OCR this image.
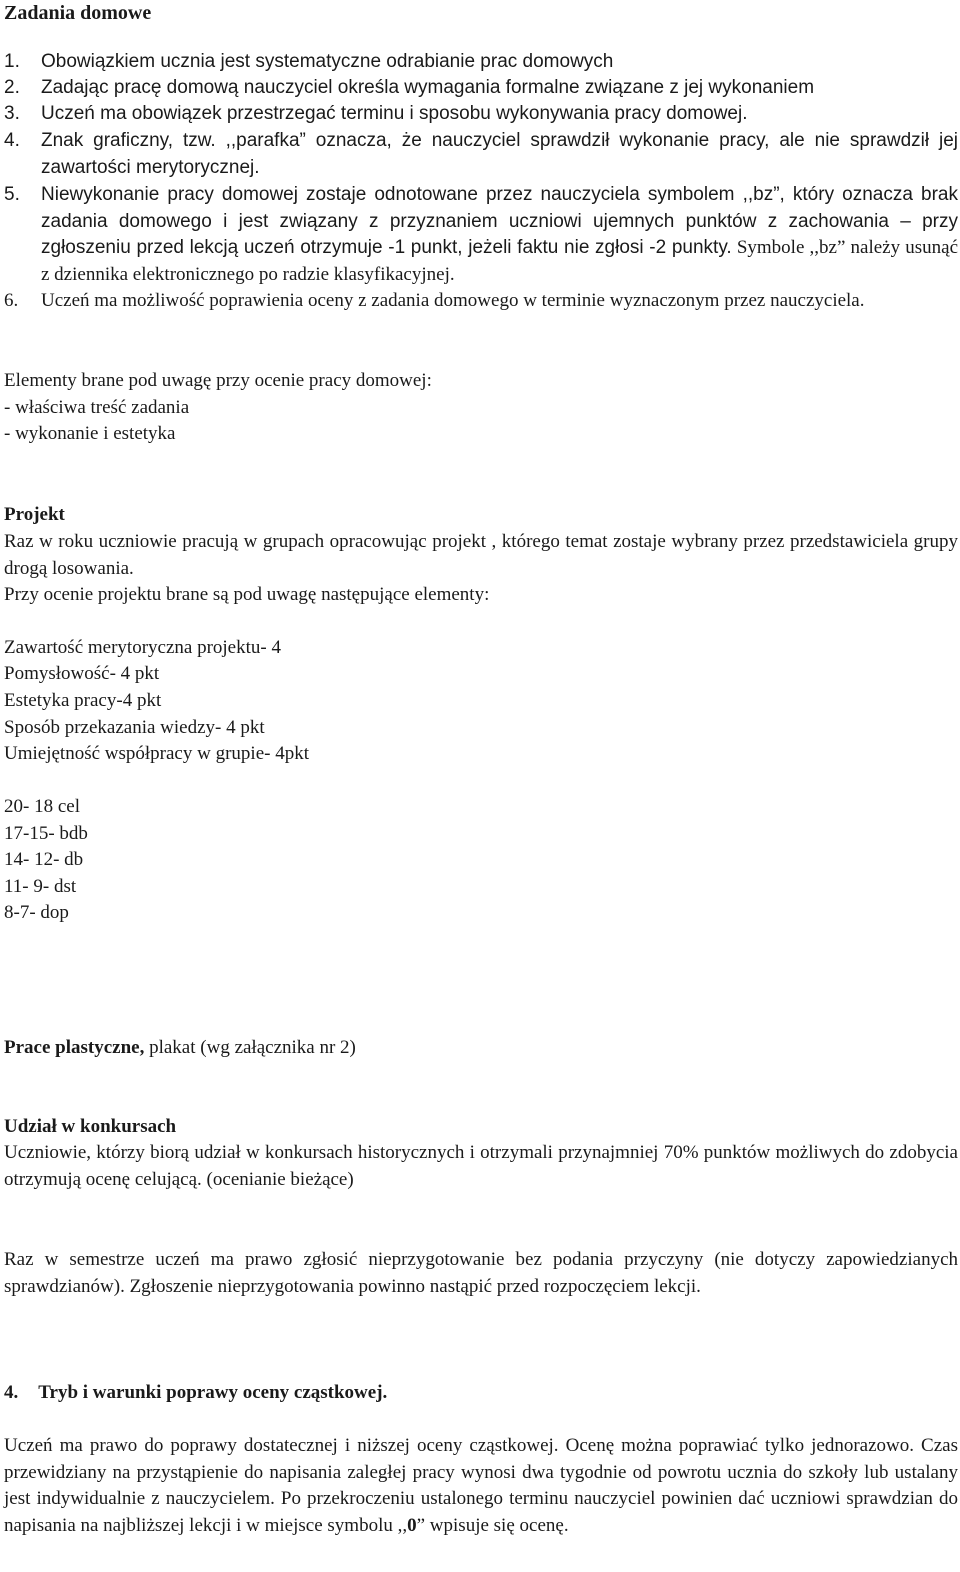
Zadania domowe
1. Obowiązkiem ucznia jest systematyczne odrabianie prac domowych
2. Zadając pracę domową nauczyciel określa wymagania formalne związane z jej wykonaniem
3. Uczeń ma obowiązek przestrzegać terminu i sposobu wykonywania pracy domowej.
4. Znak graficzny, tzw. ,,parafka” oznacza, że nauczyciel sprawdził wykonanie pracy, ale nie sprawdził jej zawartości merytorycznej.
5. Niewykonanie pracy domowej zostaje odnotowane przez nauczyciela symbolem ,,bz”, który oznacza brak zadania domowego i jest związany z przyznaniem uczniowi ujemnych punktów z zachowania – przy zgłoszeniu przed lekcją uczeń otrzymuje -1 punkt, jeżeli faktu nie zgłosi -2 punkty. Symbole ,,bz” należy usunąć z dziennika elektronicznego po radzie klasyfikacyjnej.
6. Uczeń ma możliwość poprawienia oceny z zadania domowego w terminie wyznaczonym przez nauczyciela.
Elementy brane pod uwagę przy ocenie pracy domowej:
- właściwa treść zadania
- wykonanie i estetyka
Projekt
Raz w roku uczniowie pracują w grupach opracowując projekt , którego temat zostaje wybrany przez przedstawiciela grupy drogą losowania.
Przy ocenie projektu brane są pod uwagę następujące elementy:
Zawartość merytoryczna projektu- 4
Pomysłowość- 4 pkt
Estetyka pracy-4 pkt
Sposób przekazania wiedzy- 4 pkt
Umiejętność współpracy w grupie- 4pkt
20- 18 cel
17-15- bdb
14- 12- db
11- 9- dst
8-7- dop
Prace plastyczne, plakat (wg załącznika nr 2)
Udział w konkursach
Uczniowie, którzy biorą udział w konkursach historycznych i otrzymali przynajmniej 70% punktów możliwych do zdobycia otrzymują ocenę celującą. (ocenianie bieżące)
Raz w semestrze uczeń ma prawo zgłosić nieprzygotowanie bez podania przyczyny (nie dotyczy zapowiedzianych sprawdzianów). Zgłoszenie nieprzygotowania powinno nastąpić przed rozpoczęciem lekcji.
4. Tryb i warunki poprawy oceny cząstkowej.
Uczeń ma prawo do poprawy dostatecznej i niższej oceny cząstkowej. Ocenę można poprawiać tylko jednorazowo. Czas przewidziany na przystąpienie do napisania zaległej pracy wynosi dwa tygodnie od powrotu ucznia do szkoły lub ustalany jest indywidualnie z nauczycielem. Po przekroczeniu ustalonego terminu nauczyciel powinien dać uczniowi sprawdzian do napisania na najbliższej lekcji i w miejsce symbolu ,,0” wpisuje się ocenę.
